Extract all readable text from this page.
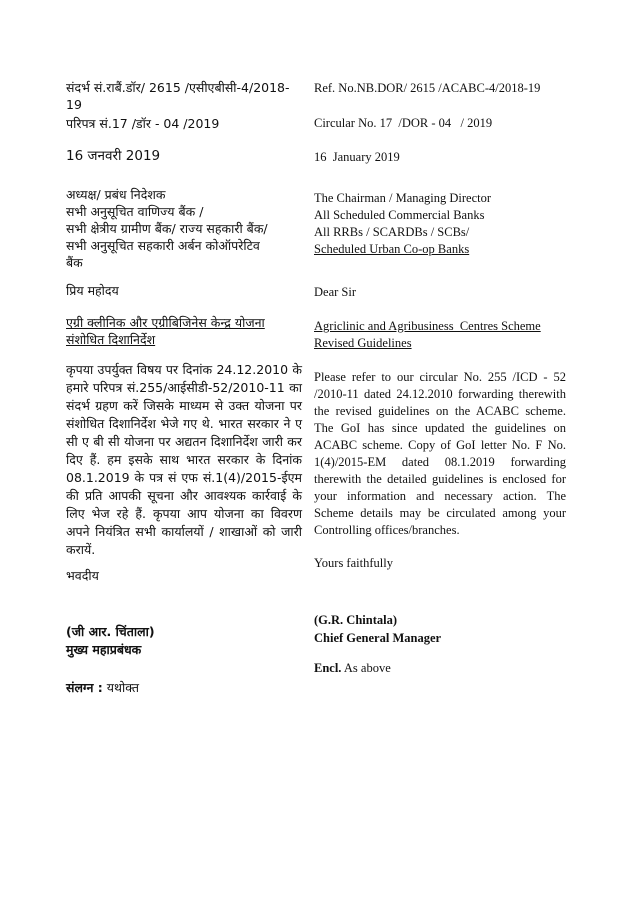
संदर्भ सं.राबैं.डॉर/ 2615 /एसीएबीसी-4/2018-19

परिपत्र सं.17 /डॉर - 04 /2019

16 जनवरी 2019

अध्यक्ष/ प्रबंध निदेशक
सभी अनुसूचित वाणिज्य बैंक /
सभी क्षेत्रीय ग्रामीण बैंक/ राज्य सहकारी बैंक/
सभी अनुसूचित सहकारी अर्बन कोऑपरेटिव
बैंक

प्रिय महोदय

एग्री क्लीनिक और एग्रीबिजिनेस केन्द्र योजना
संशोधित दिशानिर्देश

कृपया उपर्युक्त विषय पर दिनांक 24.12.2010 के हमारे परिपत्र सं.255/आईसीडी-52/2010-11 का संदर्भ ग्रहण करें जिसके माध्यम से उक्त योजना पर संशोधित दिशानिर्देश भेजे गए थे. भारत सरकार ने ए सी ए बी सी योजना पर अद्यतन दिशानिर्देश जारी कर दिए हैं. हम इसके साथ भारत सरकार के दिनांक 08.1.2019 के पत्र सं एफ सं.1(4)/2015-ईएम की प्रति आपकी सूचना और आवश्यक कार्रवाई के लिए भेज रहे हैं. कृपया आप योजना का विवरण अपने नियंत्रित सभी कार्यालयों / शाखाओं को जारी करायें.

भवदीय

(जी आर. चिंताला)

मुख्य महाप्रबंधक

संलग्न : यथोक्त

Ref. No.NB.DOR/ 2615 /ACABC-4/2018-19

Circular No. 17  /DOR - 04   / 2019

16  January 2019

The Chairman / Managing Director
All Scheduled Commercial Banks
All RRBs / SCARDBs / SCBs/
Scheduled Urban Co-op Banks

Dear Sir

Agriclinic and Agribusiness  Centres Scheme
Revised Guidelines

Please refer to our circular No. 255 /ICD - 52 /2010-11 dated 24.12.2010 forwarding therewith the revised guidelines on the ACABC scheme. The GoI has since updated the guidelines on ACABC scheme. Copy of GoI letter No. F No. 1(4)/2015-EM dated 08.1.2019 forwarding therewith the detailed guidelines is enclosed for your information and necessary action. The Scheme details may be circulated among your Controlling offices/branches.

Yours faithfully

(G.R. Chintala)

Chief General Manager

Encl. As above
